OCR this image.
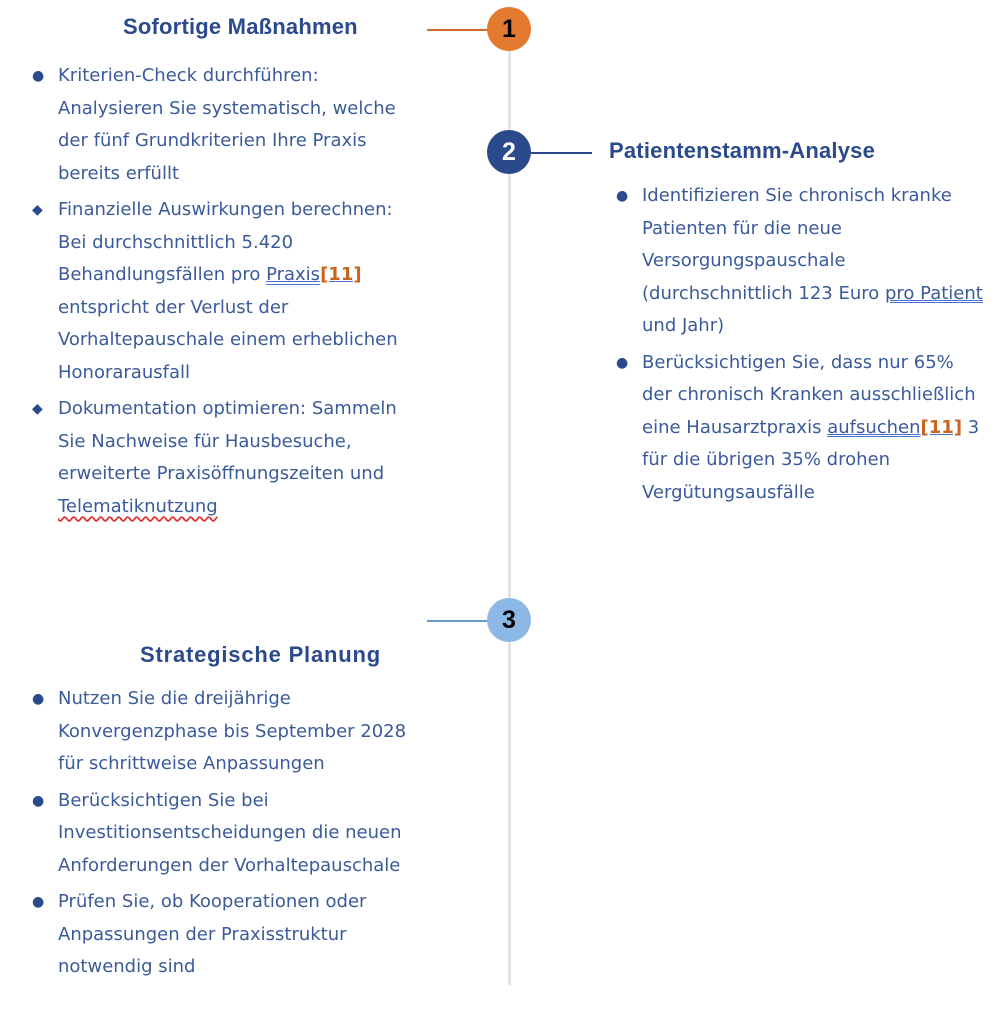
1
2
3
Sofortige Maßnahmen
● Kriterien-Check durchführen: Analysieren Sie systematisch, welche der fünf Grundkriterien Ihre Praxis bereits erfüllt
◆ Finanzielle Auswirkungen berechnen: Bei durchschnittlich 5.420 Behandlungsfällen pro Praxis[11] entspricht der Verlust der Vorhaltepauschale einem erheblichen Honorarausfall
◆ Dokumentation optimieren: Sammeln Sie Nachweise für Hausbesuche, erweiterte Praxisöffnungszeiten und Telematiknutzung
Patientenstamm-Analyse
● Identifizieren Sie chronisch kranke Patienten für die neue Versorgungspauschale (durchschnittlich 123 Euro pro Patient und Jahr)
● Berücksichtigen Sie, dass nur 65% der chronisch Kranken ausschließlich eine Hausarztpraxis aufsuchen[11] 3 für die übrigen 35% drohen Vergütungsausfälle
Strategische Planung
● Nutzen Sie die dreijährige Konvergenzphase bis September 2028 für schrittweise Anpassungen
● Berücksichtigen Sie bei Investitionsentscheidungen die neuen Anforderungen der Vorhaltepauschale
● Prüfen Sie, ob Kooperationen oder Anpassungen der Praxisstruktur notwendig sind
